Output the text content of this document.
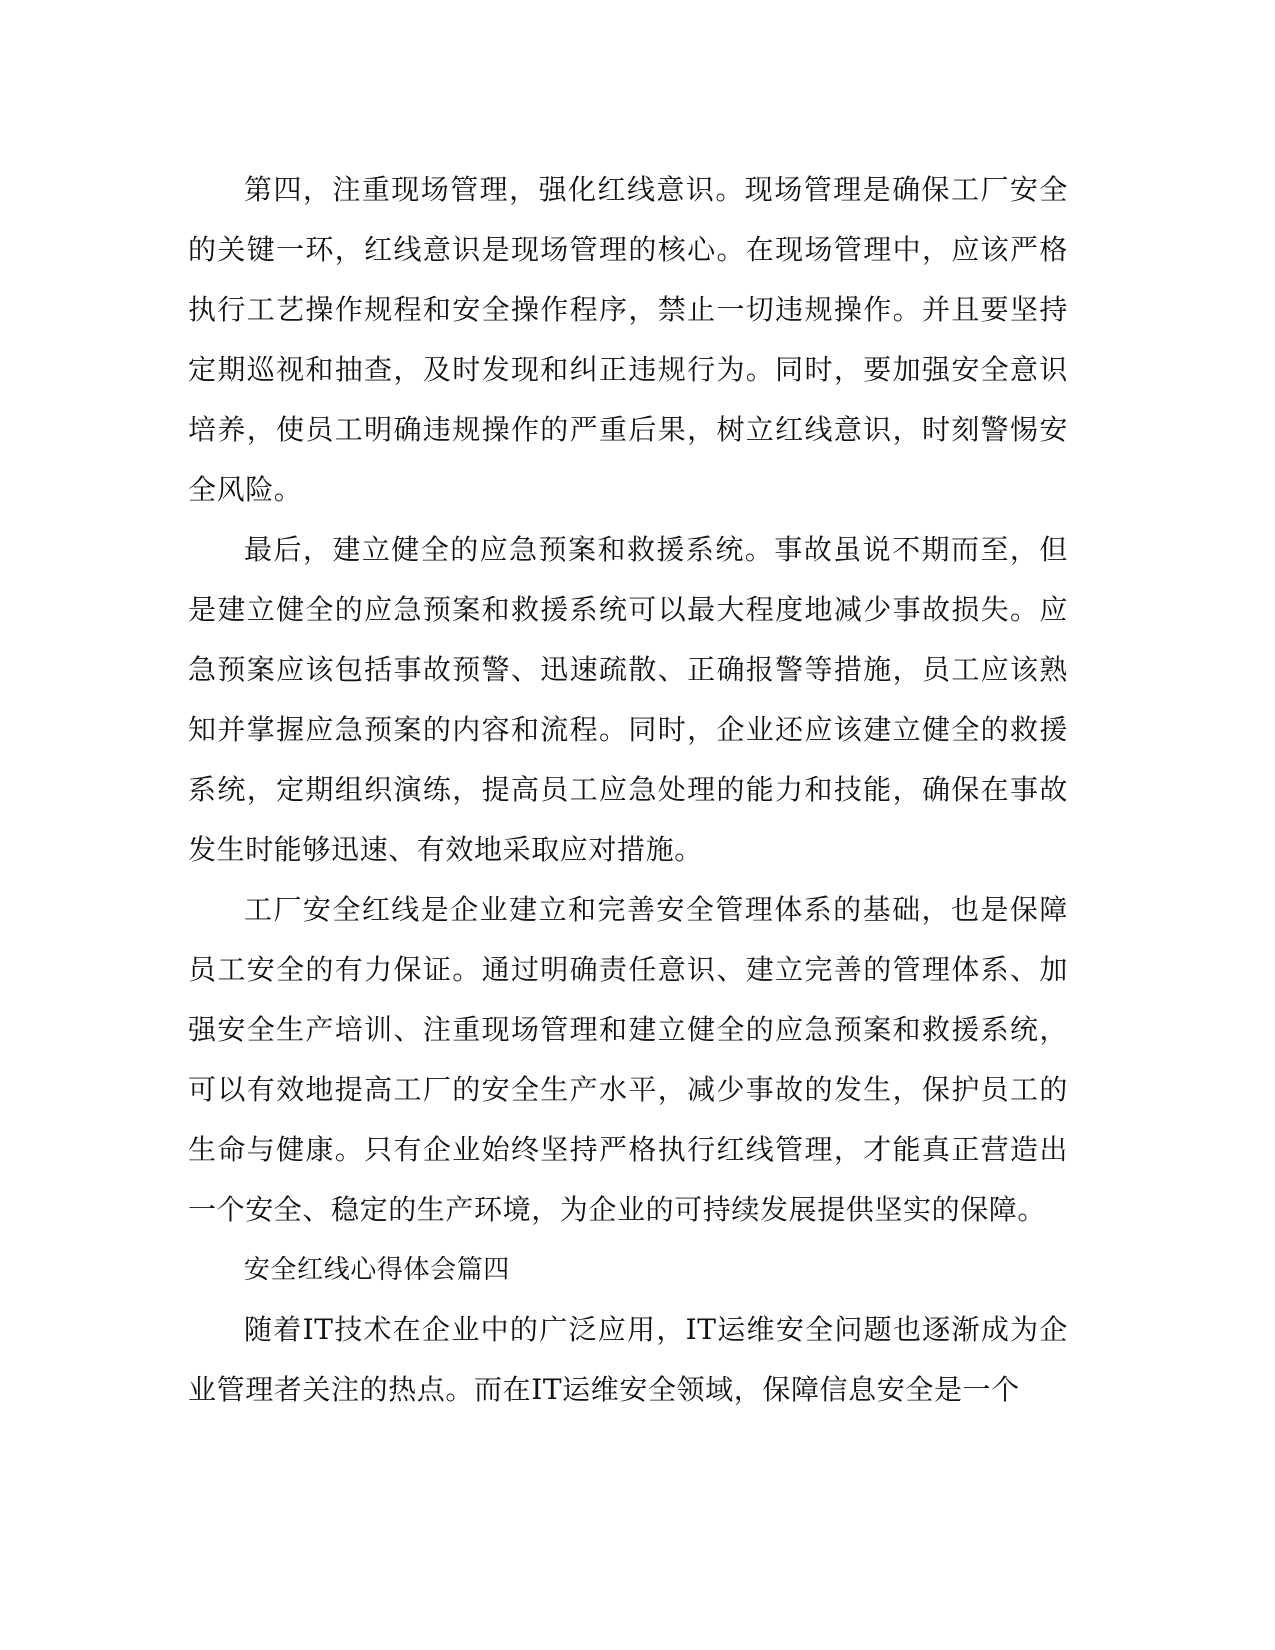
第四，注重现场管理，强化红线意识。现场管理是确保工厂安全的关键一环，红线意识是现场管理的核心。在现场管理中，应该严格执行工艺操作规程和安全操作程序，禁止一切违规操作。并且要坚持定期巡视和抽查，及时发现和纠正违规行为。同时，要加强安全意识培养，使员工明确违规操作的严重后果，树立红线意识，时刻警惕安全风险。

最后，建立健全的应急预案和救援系统。事故虽说不期而至，但是建立健全的应急预案和救援系统可以最大程度地减少事故损失。应急预案应该包括事故预警、迅速疏散、正确报警等措施，员工应该熟知并掌握应急预案的内容和流程。同时，企业还应该建立健全的救援系统，定期组织演练，提高员工应急处理的能力和技能，确保在事故发生时能够迅速、有效地采取应对措施。

工厂安全红线是企业建立和完善安全管理体系的基础，也是保障员工安全的有力保证。通过明确责任意识、建立完善的管理体系、加强安全生产培训、注重现场管理和建立健全的应急预案和救援系统，可以有效地提高工厂的安全生产水平，减少事故的发生，保护员工的生命与健康。只有企业始终坚持严格执行红线管理，才能真正营造出一个安全、稳定的生产环境，为企业的可持续发展提供坚实的保障。

安全红线心得体会篇四

随着IT技术在企业中的广泛应用，IT运维安全问题也逐渐成为企业管理者关注的热点。而在IT运维安全领域，保障信息安全是一个
